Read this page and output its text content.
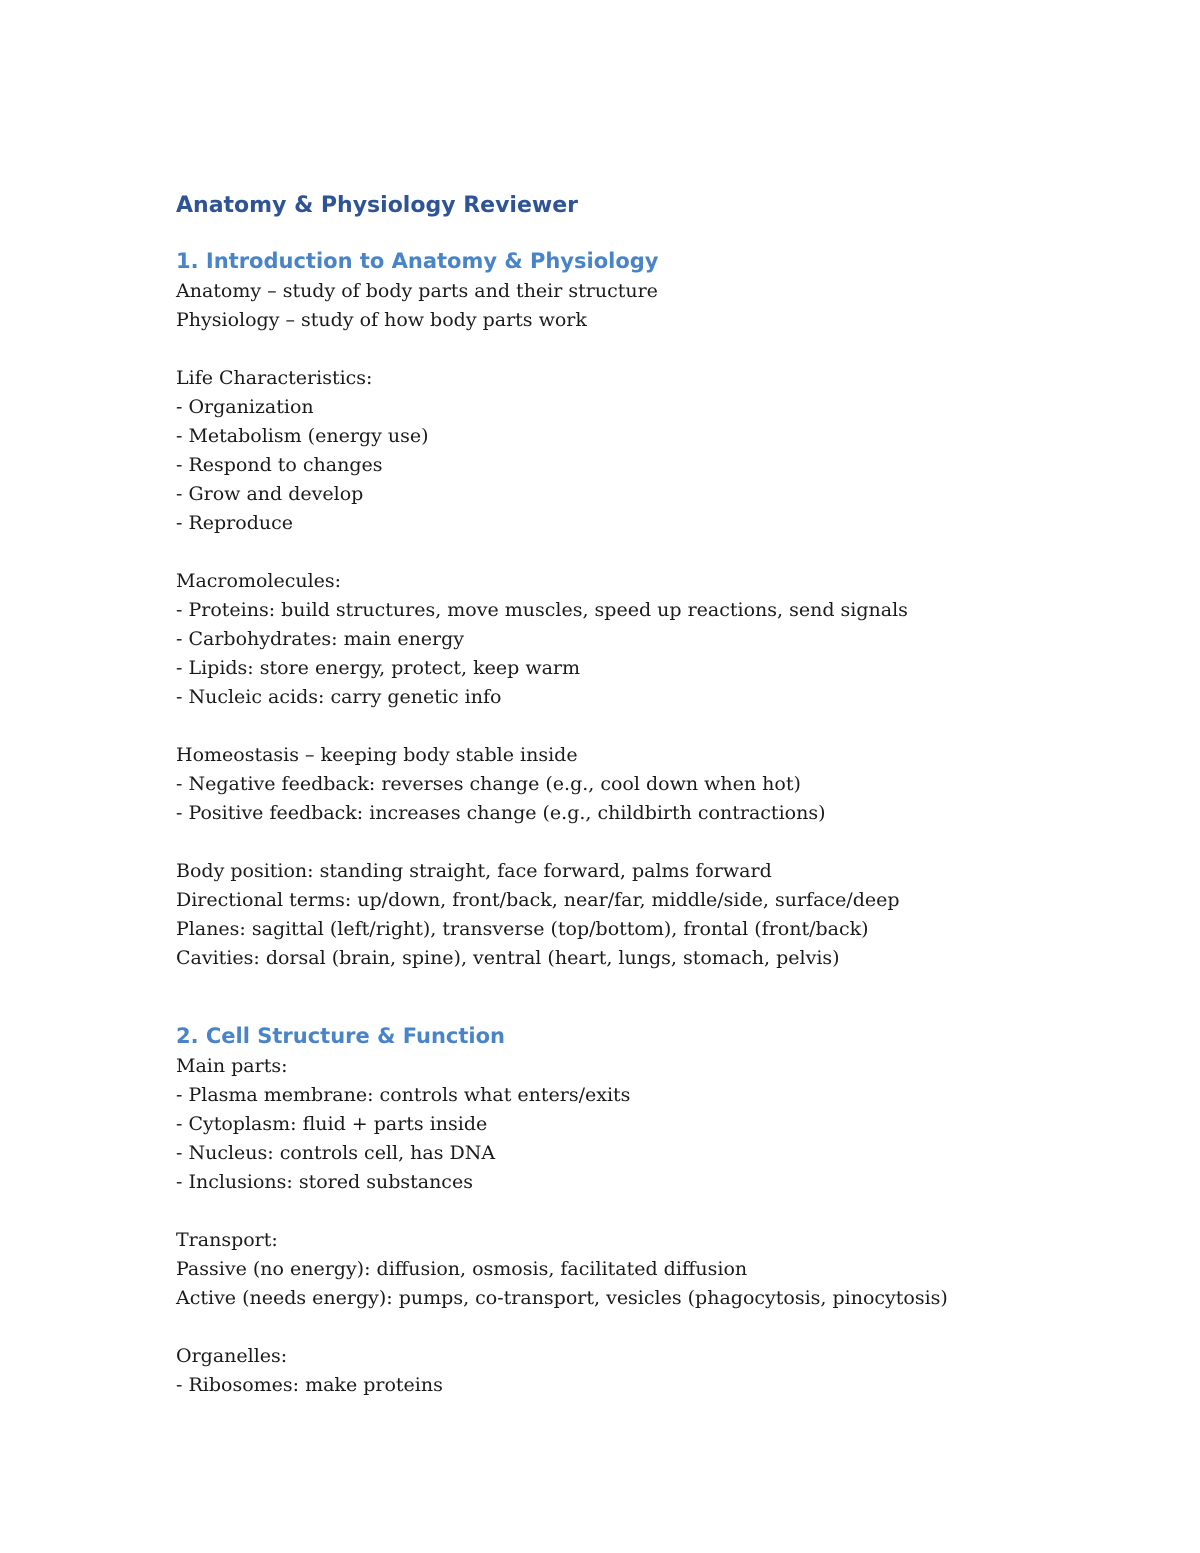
Anatomy & Physiology Reviewer
1. Introduction to Anatomy & Physiology
Anatomy – study of body parts and their structure
Physiology – study of how body parts work
Life Characteristics:
- Organization
- Metabolism (energy use)
- Respond to changes
- Grow and develop
- Reproduce
Macromolecules:
- Proteins: build structures, move muscles, speed up reactions, send signals
- Carbohydrates: main energy
- Lipids: store energy, protect, keep warm
- Nucleic acids: carry genetic info
Homeostasis – keeping body stable inside
- Negative feedback: reverses change (e.g., cool down when hot)
- Positive feedback: increases change (e.g., childbirth contractions)
Body position: standing straight, face forward, palms forward
Directional terms: up/down, front/back, near/far, middle/side, surface/deep
Planes: sagittal (left/right), transverse (top/bottom), frontal (front/back)
Cavities: dorsal (brain, spine), ventral (heart, lungs, stomach, pelvis)
2. Cell Structure & Function
Main parts:
- Plasma membrane: controls what enters/exits
- Cytoplasm: fluid + parts inside
- Nucleus: controls cell, has DNA
- Inclusions: stored substances
Transport:
Passive (no energy): diffusion, osmosis, facilitated diffusion
Active (needs energy): pumps, co-transport, vesicles (phagocytosis, pinocytosis)
Organelles:
- Ribosomes: make proteins
